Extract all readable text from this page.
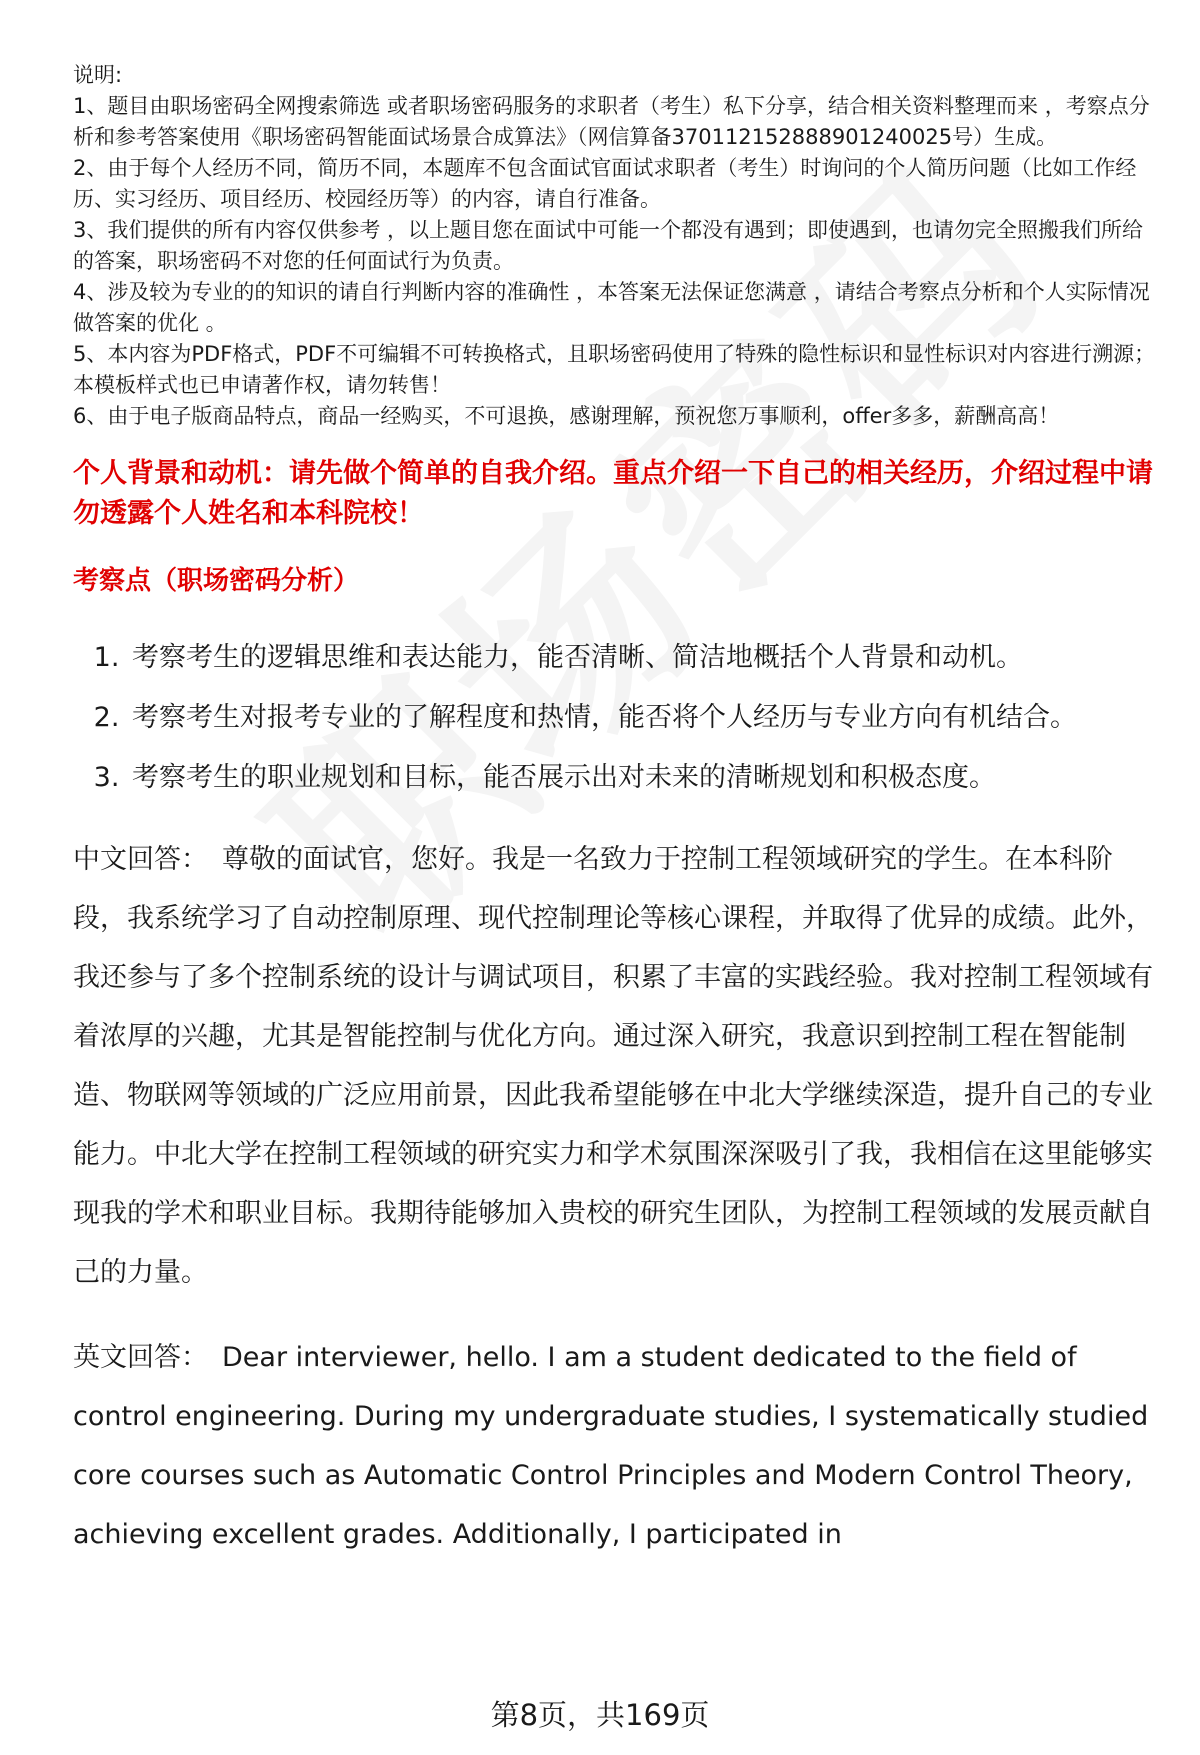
说明:

1、题目由职场密码全网搜索筛选 或者职场密码服务的求职者（考生）私下分享，结合相关资料整理而来 ，考察点分析和参考答案使用《职场密码智能面试场景合成算法》（网信算备370112152888901240025号）生成。

2、由于每个人经历不同，简历不同，本题库不包含面试官面试求职者（考生）时询问的个人简历问题（比如工作经历、实习经历、项目经历、校园经历等）的内容，请自行准备。

3、我们提供的所有内容仅供参考 ，以上题目您在面试中可能一个都没有遇到；即使遇到，也请勿完全照搬我们所给的答案，职场密码不对您的任何面试行为负责。

4、涉及较为专业的的知识的请自行判断内容的准确性 ，本答案无法保证您满意 ，请结合考察点分析和个人实际情况做答案的优化 。

5、本内容为PDF格式，PDF不可编辑不可转换格式，且职场密码使用了特殊的隐性标识和显性标识对内容进行溯源；本模板样式也已申请著作权，请勿转售！

6、由于电子版商品特点，商品一经购买，不可退换，感谢理解，预祝您万事顺利，offer多多，薪酬高高！

个人背景和动机：请先做个简单的自我介绍。重点介绍一下自己的相关经历，介绍过程中请勿透露个人姓名和本科院校！
考察点（职场密码分析）
1. 考察考生的逻辑思维和表达能力，能否清晰、简洁地概括个人背景和动机。
2. 考察考生对报考专业的了解程度和热情，能否将个人经历与专业方向有机结合。
3. 考察考生的职业规划和目标，能否展示出对未来的清晰规划和积极态度。
中文回答： 尊敬的面试官，您好。我是一名致力于控制工程领域研究的学生。在本科阶段，我系统学习了自动控制原理、现代控制理论等核心课程，并取得了优异的成绩。此外，我还参与了多个控制系统的设计与调试项目，积累了丰富的实践经验。我对控制工程领域有着浓厚的兴趣，尤其是智能控制与优化方向。通过深入研究，我意识到控制工程在智能制造、物联网等领域的广泛应用前景，因此我希望能够在中北大学继续深造，提升自己的专业能力。中北大学在控制工程领域的研究实力和学术氛围深深吸引了我，我相信在这里能够实现我的学术和职业目标。我期待能够加入贵校的研究生团队，为控制工程领域的发展贡献自己的力量。
英文回答： Dear interviewer, hello. I am a student dedicated to the field of control engineering. During my undergraduate studies, I systematically studied core courses such as Automatic Control Principles and Modern Control Theory, achieving excellent grades. Additionally, I participated in
第8页，共169页
